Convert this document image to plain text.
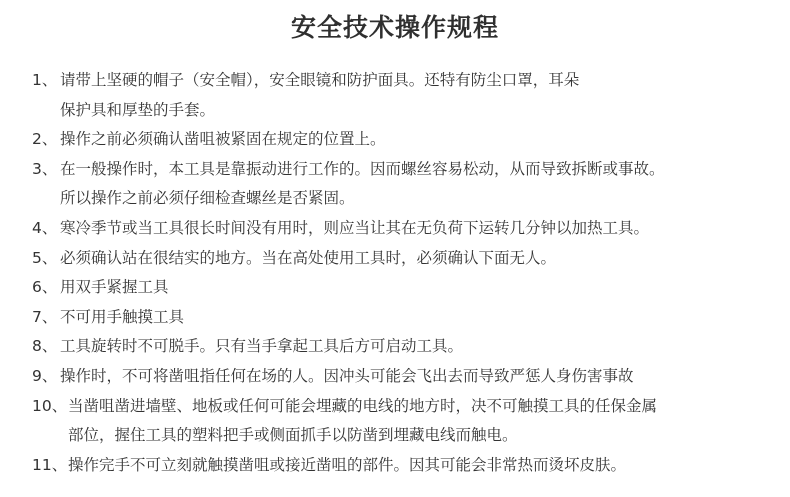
安全技术操作规程
1、 请带上坚硬的帽子（安全帽），安全眼镜和防护面具。还特有防尘口罩，耳朵
保护具和厚垫的手套。
2、 操作之前必须确认凿咀被紧固在规定的位置上。
3、 在一般操作时，本工具是靠振动进行工作的。因而螺丝容易松动，从而导致拆断或事故。
所以操作之前必须仔细检查螺丝是否紧固。
4、 寒冷季节或当工具很长时间没有用时，则应当让其在无负荷下运转几分钟以加热工具。
5、 必须确认站在很结实的地方。当在高处使用工具时，必须确认下面无人。
6、 用双手紧握工具
7、 不可用手触摸工具
8、 工具旋转时不可脱手。只有当手拿起工具后方可启动工具。
9、 操作时，不可将凿咀指任何在场的人。因冲头可能会飞出去而导致严惩人身伤害事故
10、 当凿咀凿进墙壁、地板或任何可能会埋藏的电线的地方时，决不可触摸工具的任保金属
部位，握住工具的塑料把手或侧面抓手以防凿到埋藏电线而触电。
11、 操作完手不可立刻就触摸凿咀或接近凿咀的部件。因其可能会非常热而烫坏皮肤。
